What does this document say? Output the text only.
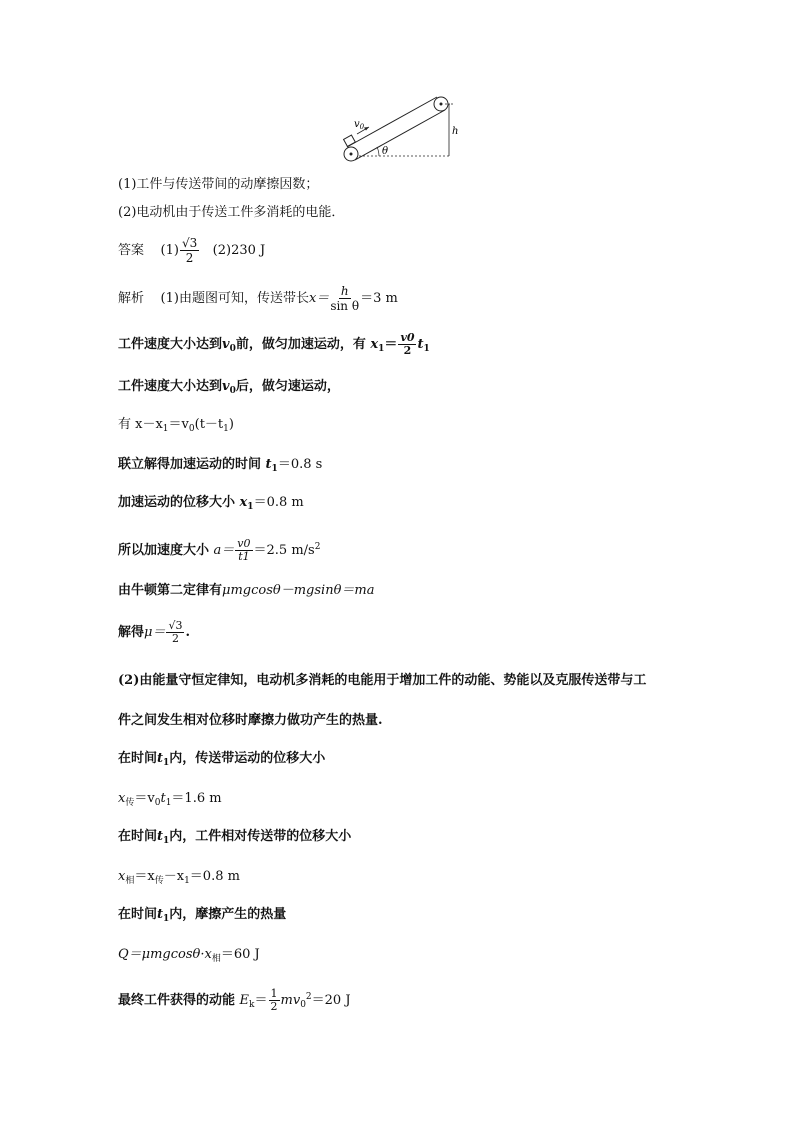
$v_0$	h
θ
(1)工件与传送带间的动摩擦因数；
(2)电动机由于传送工件多消耗的电能．
答案 $(1) \frac{√3}{2} (2)230$ J
解析 (1)由题图可知，传送带长$x= \frac{h}{\text{sin θ}} =3$ m
工件速度大小达到$v_0$前，做匀加速运动，有 $x_1= \frac{v0}{2} t_1$
工件速度大小达到$v_0$后，做匀速运动，
有 $x-x_1=v_0(t-t_1)$
联立解得加速运动的时间 $t_1=0.8$ s
加速运动的位移大小 $x_1=0.8$ m
所以加速度大小 $a= \frac{v0}{t1} =2.5$ $m/s^2$
由牛顿第二定律有μmgcosθ－mgsinθ＝ma
解得$\mu= \frac{√3}{2}$ .
(2)由能量守恒定律知，电动机多消耗的电能用于增加工件的动能、势能以及克服传送带与工
件之间发生相对位移时摩擦力做功产生的热量.
在时间$t_1$内，传送带运动的位移大小
$x_传=v_0t_1=1.6$ m
在时间$t_1$内，工件相对传送带的位移大小
$x_相=x_传-x_1=0.8$ m
在时间$t_1$内，摩擦产生的热量
$Q=\mu mgcos\theta\cdot x_相=60$ J
最终工件获得的动能 $E_k= \frac{1}{2} mv_0^2=20$ J
